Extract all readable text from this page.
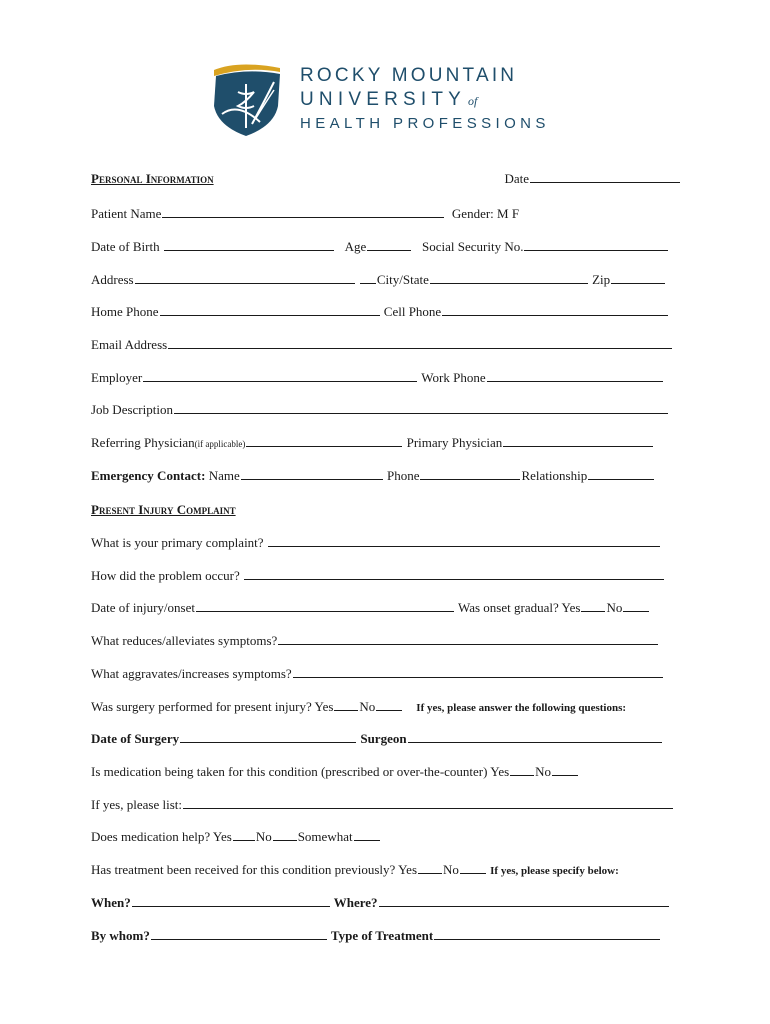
ROCKY MOUNTAIN
UNIVERSITY of
HEALTH PROFESSIONS
Personal Information	Date
Patient Name	Gender: M F
Date of Birth	Age	Social Security No.
Address	City/State	Zip
Home Phone	Cell Phone
Email Address
Employer	Work Phone
Job Description
Referring Physician(if applicable)	Primary Physician
Emergency Contact: Name	Phone	Relationship
Present Injury Complaint
What is your primary complaint?
How did the problem occur?
Date of injury/onset	Was onset gradual? Yes No
What reduces/alleviates symptoms?
What aggravates/increases symptoms?
Was surgery performed for present injury? Yes No	If yes, please answer the following questions:
Date of Surgery	Surgeon
Is medication being taken for this condition (prescribed or over-the-counter) Yes No
If yes, please list:
Does medication help? Yes No Somewhat
Has treatment been received for this condition previously? Yes No	If yes, please specify below:
When?	Where?
By whom?	Type of Treatment
